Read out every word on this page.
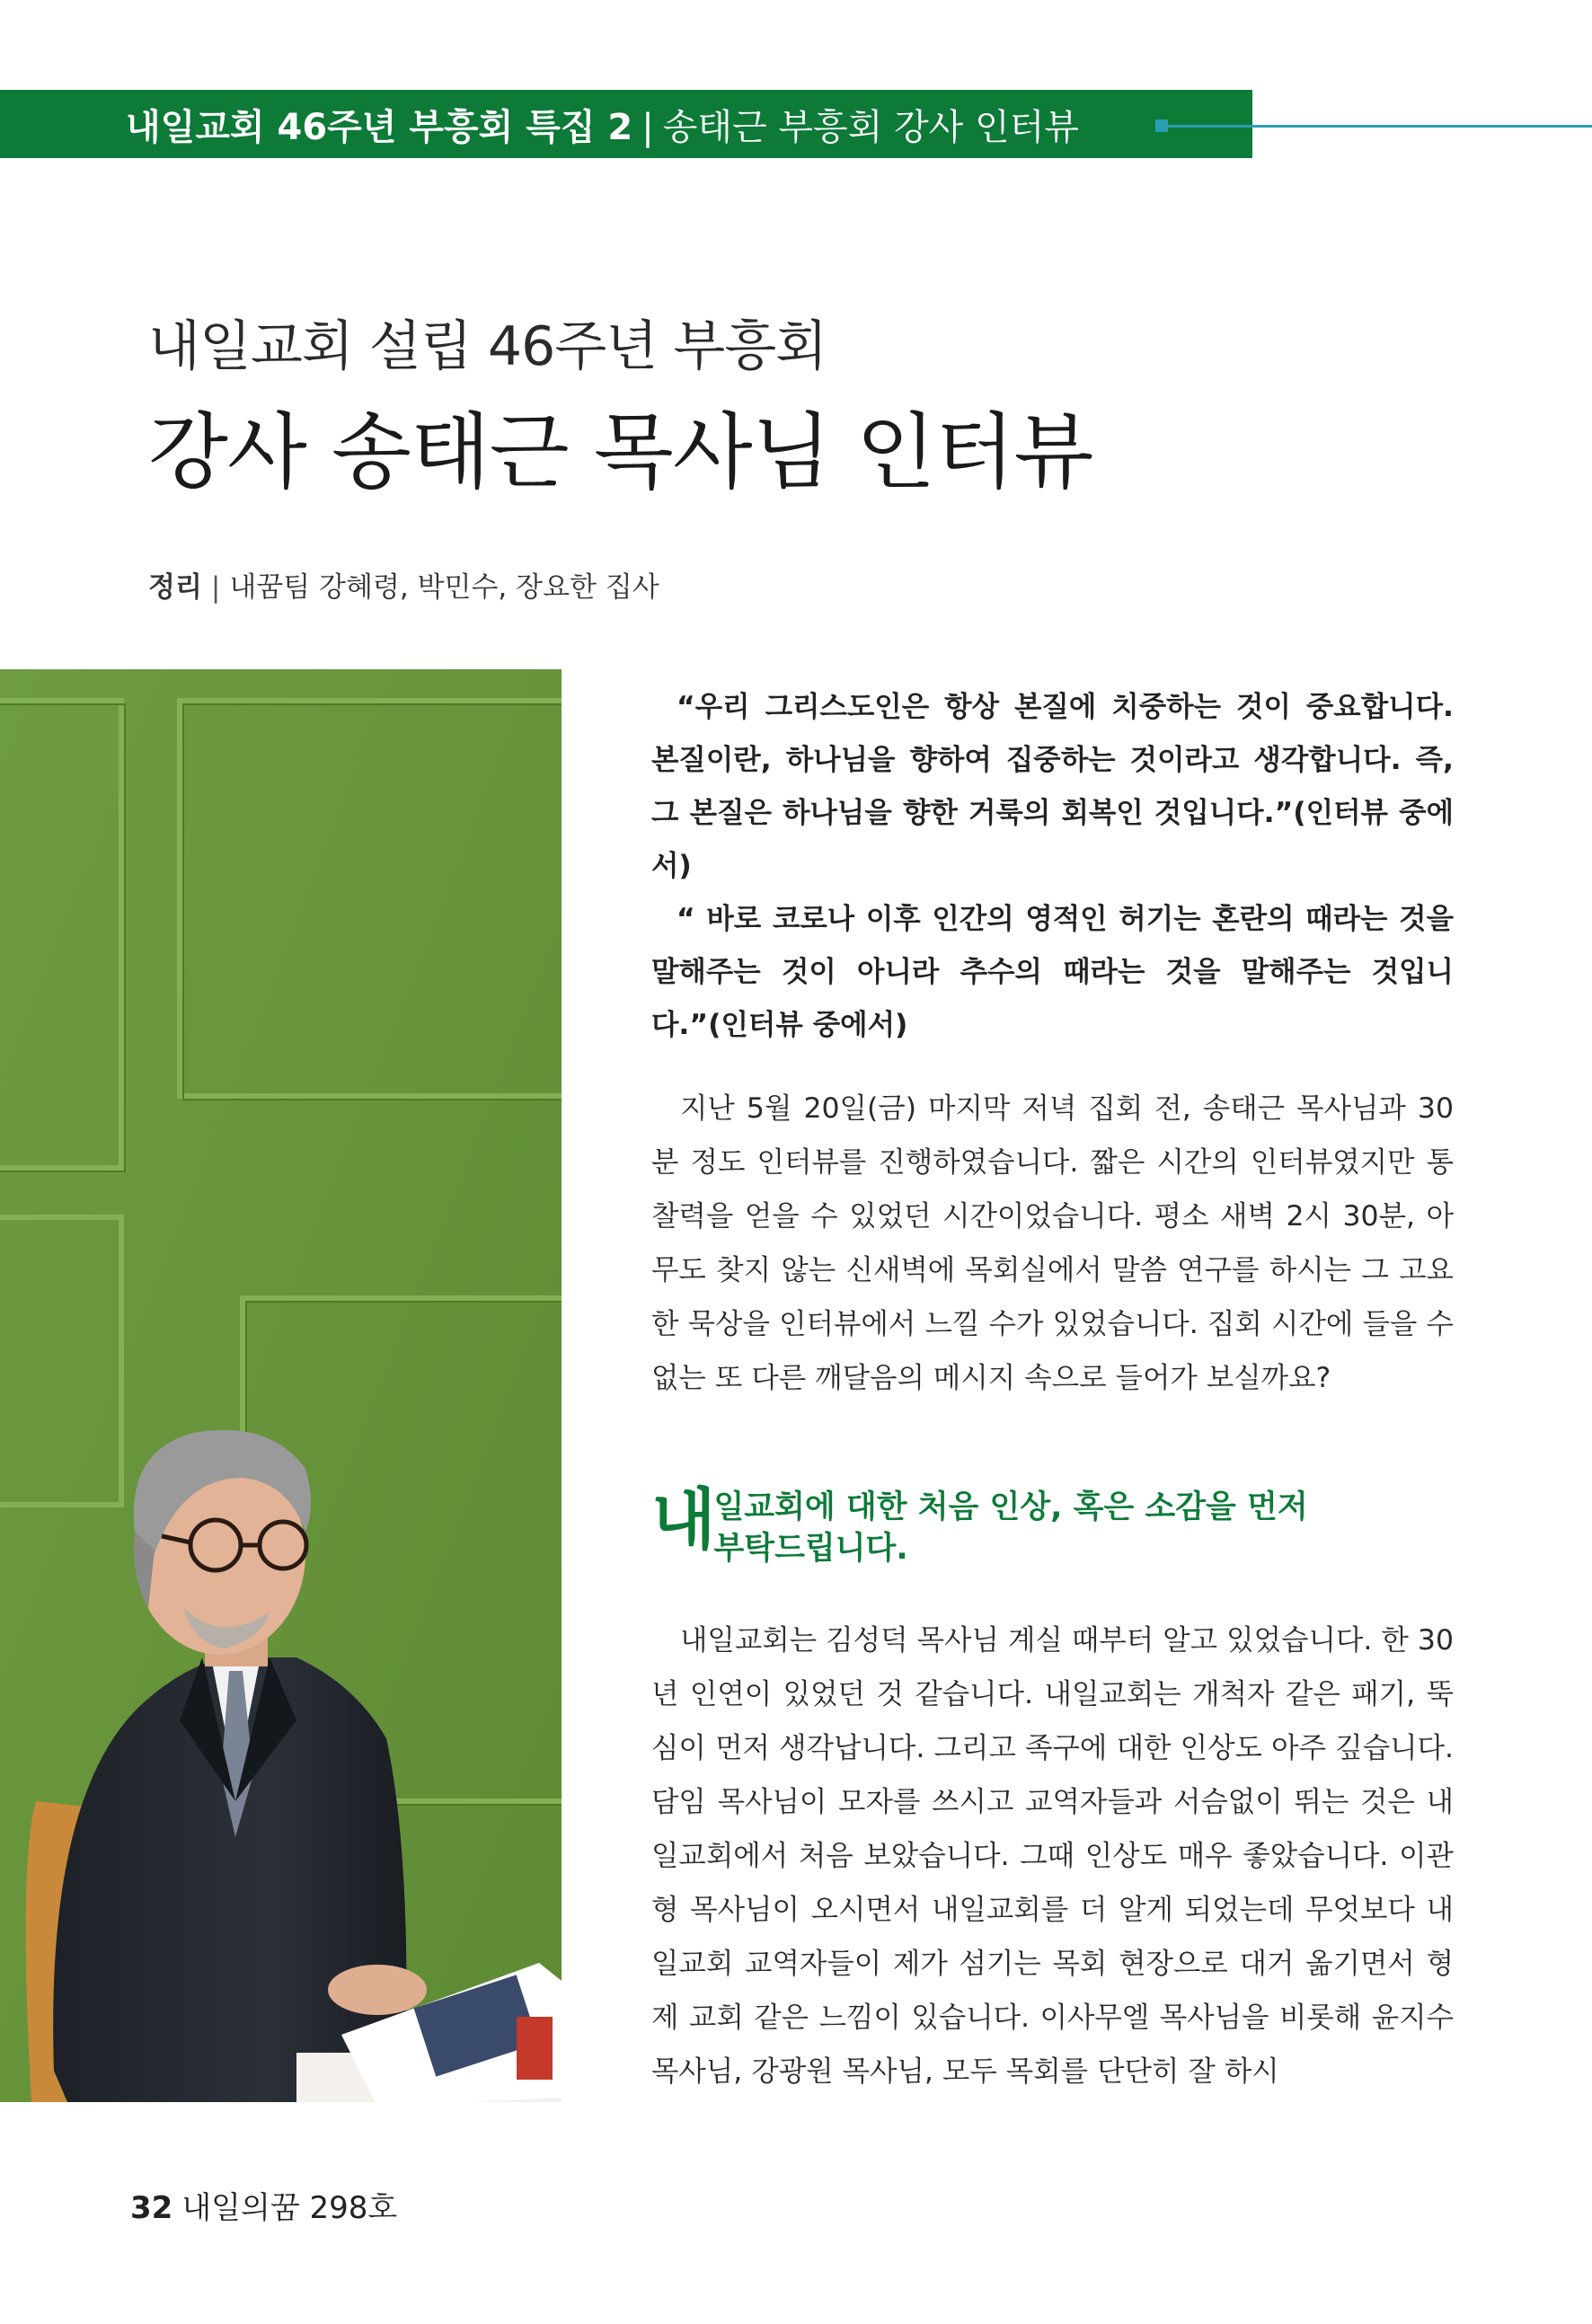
내일교회 46주년 부흥회 특집 2 | 송태근 부흥회 강사 인터뷰
내일교회 설립 46주년 부흥회
강사 송태근 목사님 인터뷰
정리 | 내꿈팀 강혜령, 박민수, 장요한 집사

“우리 그리스도인은 항상 본질에 치중하는 것이 중요합니다. 본질이란, 하나님을 향하여 집중하는 것이라고 생각합니다. 즉, 그 본질은 하나님을 향한 거룩의 회복인 것입니다.”(인터뷰 중에서)

“ 바로 코로나 이후 인간의 영적인 허기는 혼란의 때라는 것을 말해주는 것이 아니라 추수의 때라는 것을 말해주는 것입니다.”(인터뷰 중에서)

지난 5월 20일(금) 마지막 저녁 집회 전, 송태근 목사님과 30분 정도 인터뷰를 진행하였습니다. 짧은 시간의 인터뷰였지만 통찰력을 얻을 수 있었던 시간이었습니다. 평소 새벽 2시 30분, 아무도 찾지 않는 신새벽에 목회실에서 말씀 연구를 하시는 그 고요한 묵상을 인터뷰에서 느낄 수가 있었습니다. 집회 시간에 들을 수 없는 또 다른 깨달음의 메시지 속으로 들어가 보실까요?

내 일교회에 대한 처음 인상, 혹은 소감을 먼저
부탁드립니다.

내일교회는 김성덕 목사님 계실 때부터 알고 있었습니다. 한 30년 인연이 있었던 것 같습니다. 내일교회는 개척자 같은 패기, 뚝심이 먼저 생각납니다. 그리고 족구에 대한 인상도 아주 깊습니다. 담임 목사님이 모자를 쓰시고 교역자들과 서슴없이 뛰는 것은 내일교회에서 처음 보았습니다. 그때 인상도 매우 좋았습니다. 이관형 목사님이 오시면서 내일교회를 더 알게 되었는데 무엇보다 내일교회 교역자들이 제가 섬기는 목회 현장으로 대거 옮기면서 형제 교회 같은 느낌이 있습니다. 이사무엘 목사님을 비롯해 윤지수 목사님, 강광원 목사님, 모두 목회를 단단히 잘 하시

32 내일의꿈 298호
